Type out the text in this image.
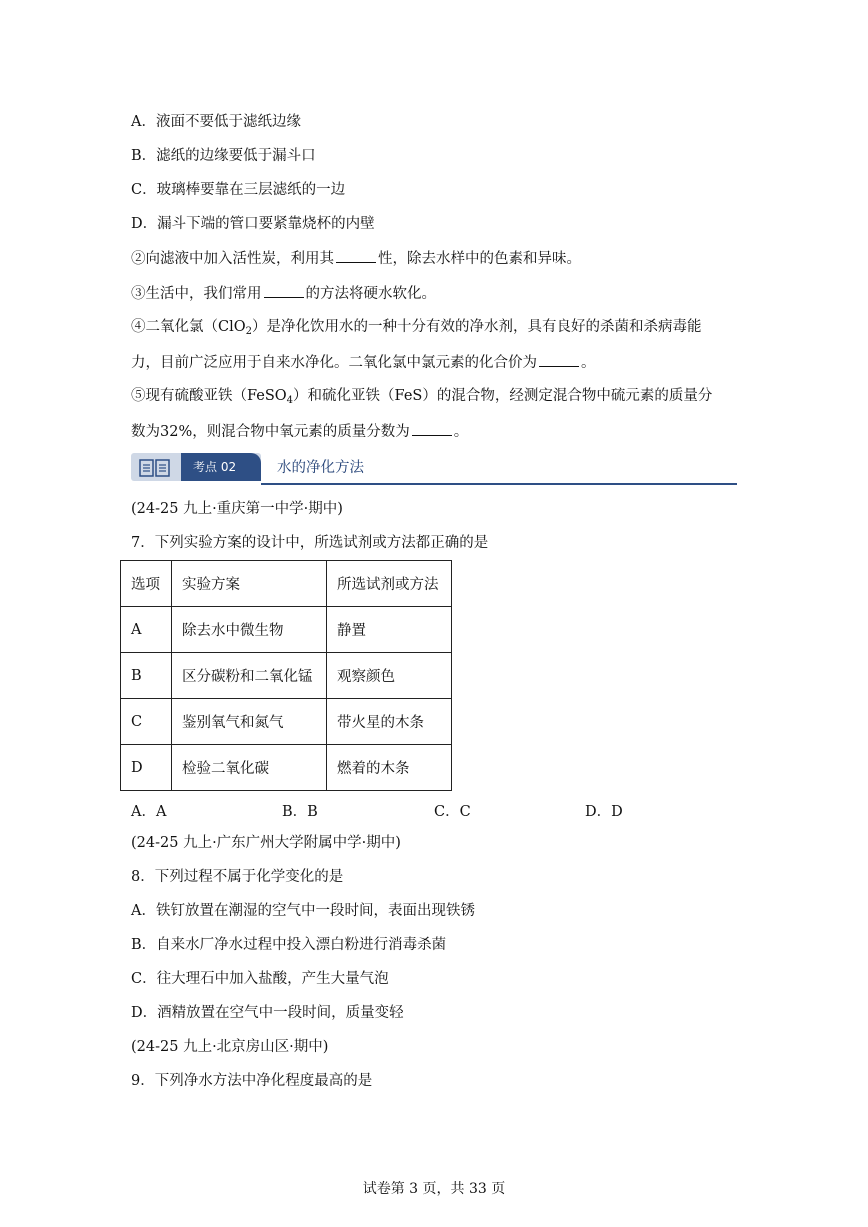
A．液面不要低于滤纸边缘
B．滤纸的边缘要低于漏斗口
C．玻璃棒要靠在三层滤纸的一边
D．漏斗下端的管口要紧靠烧杯的内壁
②向滤液中加入活性炭，利用其	性，除去水样中的色素和异味。
③生活中，我们常用	的方法将硬水软化。
④二氧化氯（ClO$_2$）是净化饮用水的一种十分有效的净水剂，具有良好的杀菌和杀病毒能
力，目前广泛应用于自来水净化。二氧化氯中氯元素的化合价为	。
⑤现有硫酸亚铁（FeSO$_4$）和硫化亚铁（FeS）的混合物，经测定混合物中硫元素的质量分
数为32%，则混合物中氧元素的质量分数为	。
考点 02	水的净化方法
(24-25 九上·重庆第一中学·期中)
7．下列实验方案的设计中，所选试剂或方法都正确的是
选项	实验方案	所选试剂或方法
A	除去水中微生物	静置
B	区分碳粉和二氧化锰	观察颜色
C	鉴别氧气和氮气	带火星的木条
D	检验二氧化碳	燃着的木条
A．A	B．B	C．C	D．D
(24-25 九上·广东广州大学附属中学·期中)
8．下列过程不属于化学变化的是
A．铁钉放置在潮湿的空气中一段时间，表面出现铁锈
B．自来水厂净水过程中投入漂白粉进行消毒杀菌
C．往大理石中加入盐酸，产生大量气泡
D．酒精放置在空气中一段时间，质量变轻
(24-25 九上·北京房山区·期中)
9．下列净水方法中净化程度最高的是
试卷第 3 页，共 33 页
